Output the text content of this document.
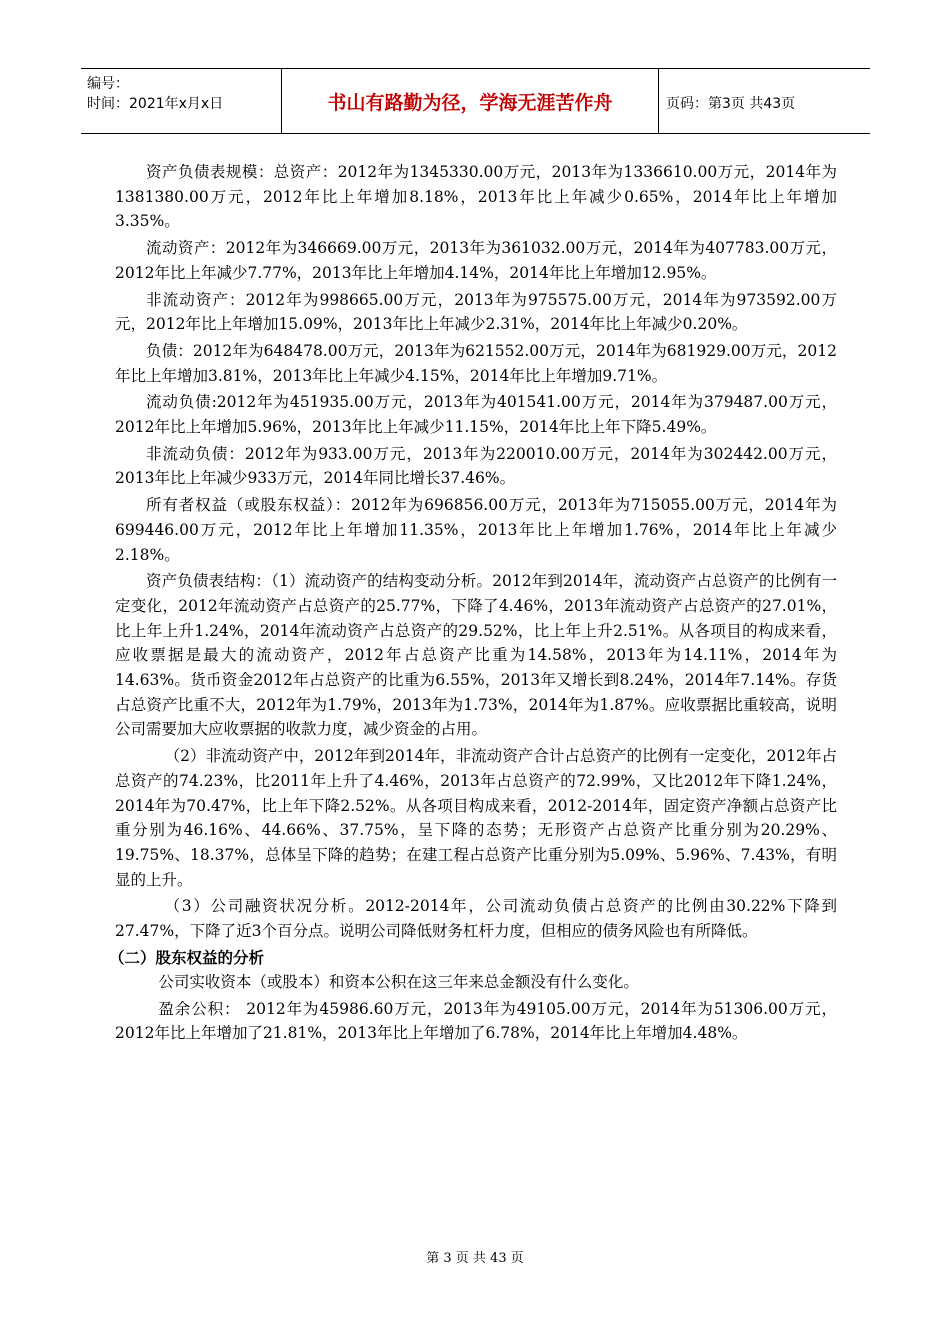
编号：
时间：2021年x月x日	书山有路勤为径，学海无涯苦作舟	页码：第3页 共43页

资产负债表规模：总资产：2012年为1345330.00万元，2013年为1336610.00万元，2014年为1381380.00万元，2012年比上年增加8.18%，2013年比上年减少0.65%，2014年比上年增加3.35%。

流动资产：2012年为346669.00万元，2013年为361032.00万元，2014年为407783.00万元，2012年比上年减少7.77%，2013年比上年增加4.14%，2014年比上年增加12.95%。

非流动资产：2012年为998665.00万元，2013年为975575.00万元，2014年为973592.00万元，2012年比上年增加15.09%，2013年比上年减少2.31%，2014年比上年减少0.20%。

负债：2012年为648478.00万元，2013年为621552.00万元，2014年为681929.00万元，2012年比上年增加3.81%，2013年比上年减少4.15%，2014年比上年增加9.71%。

流动负债:2012年为451935.00万元，2013年为401541.00万元，2014年为379487.00万元，2012年比上年增加5.96%，2013年比上年减少11.15%，2014年比上年下降5.49%。

非流动负债：2012年为933.00万元，2013年为220010.00万元，2014年为302442.00万元，2013年比上年减少933万元，2014年同比增长37.46%。

所有者权益（或股东权益）：2012年为696856.00万元，2013年为715055.00万元，2014年为699446.00万元，2012年比上年增加11.35%，2013年比上年增加1.76%，2014年比上年减少2.18%。

资产负债表结构：（1）流动资产的结构变动分析。2012年到2014年，流动资产占总资产的比例有一定变化，2012年流动资产占总资产的25.77%，下降了4.46%，2013年流动资产占总资产的27.01%，比上年上升1.24%，2014年流动资产占总资产的29.52%，比上年上升2.51%。从各项目的构成来看，应收票据是最大的流动资产，2012年占总资产比重为14.58%，2013年为14.11%，2014年为14.63%。货币资金2012年占总资产的比重为6.55%，2013年又增长到8.24%，2014年7.14%。存货占总资产比重不大，2012年为1.79%，2013年为1.73%，2014年为1.87%。应收票据比重较高，说明公司需要加大应收票据的收款力度，减少资金的占用。

（2）非流动资产中，2012年到2014年，非流动资产合计占总资产的比例有一定变化，2012年占总资产的74.23%，比2011年上升了4.46%，2013年占总资产的72.99%，又比2012年下降1.24%，2014年为70.47%，比上年下降2.52%。从各项目构成来看，2012-2014年，固定资产净额占总资产比重分别为46.16%、44.66%、37.75%，呈下降的态势；无形资产占总资产比重分别为20.29%、19.75%、18.37%，总体呈下降的趋势；在建工程占总资产比重分别为5.09%、5.96%、7.43%，有明显的上升。

（3）公司融资状况分析。2012-2014年，公司流动负债占总资产的比例由30.22%下降到27.47%，下降了近3个百分点。说明公司降低财务杠杆力度，但相应的债务风险也有所降低。

（二）股东权益的分析

公司实收资本（或股本）和资本公积在这三年来总金额没有什么变化。

盈余公积： 2012年为45986.60万元，2013年为49105.00万元，2014年为51306.00万元，2012年比上年增加了21.81%，2013年比上年增加了6.78%，2014年比上年增加4.48%。

第 3 页 共 43 页
